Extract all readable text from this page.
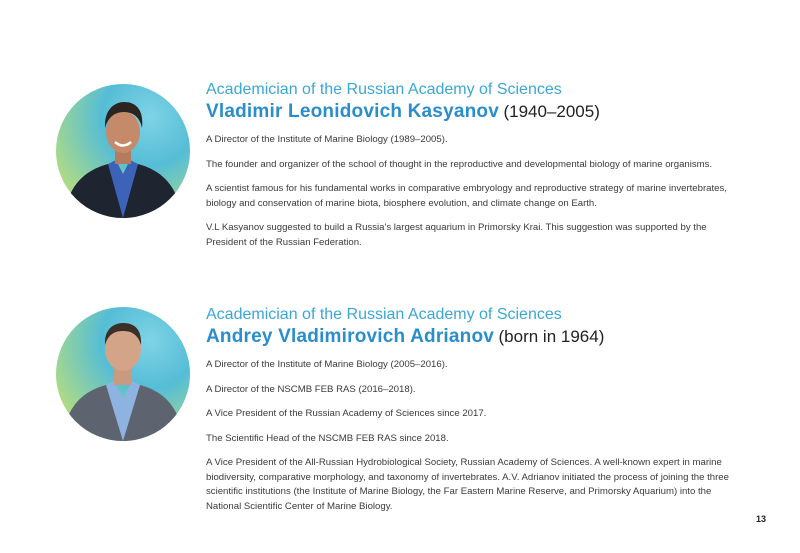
Academician of the Russian Academy of Sciences

Vladimir Leonidovich Kasyanov (1940–2005)

A Director of the Institute of Marine Biology (1989–2005).

The founder and organizer of the school of thought in the reproductive and developmental biology of marine organisms.

A scientist famous for his fundamental works in comparative embryology and reproductive strategy of marine invertebrates, biology and conservation of marine biota, biosphere evolution, and climate change on Earth.

V.L Kasyanov suggested to build a Russia's largest aquarium in Primorsky Krai. This suggestion was supported by the President of the Russian Federation.

Academician of the Russian Academy of Sciences

Andrey Vladimirovich Adrianov (born in 1964)

A Director of the Institute of Marine Biology (2005–2016).

A Director of the NSCMB FEB RAS (2016–2018).

A Vice President of the Russian Academy of Sciences since 2017.

The Scientific Head of the NSCMB FEB RAS since 2018.

A Vice President of the All-Russian Hydrobiological Society, Russian Academy of Sciences. A well-known expert in marine biodiversity, comparative morphology, and taxonomy of invertebrates. A.V. Adrianov initiated the process of joining the three scientific institutions (the Institute of Marine Biology, the Far Eastern Marine Reserve, and Primorsky Aquarium) into the National Scientific Center of Marine Biology.

13
